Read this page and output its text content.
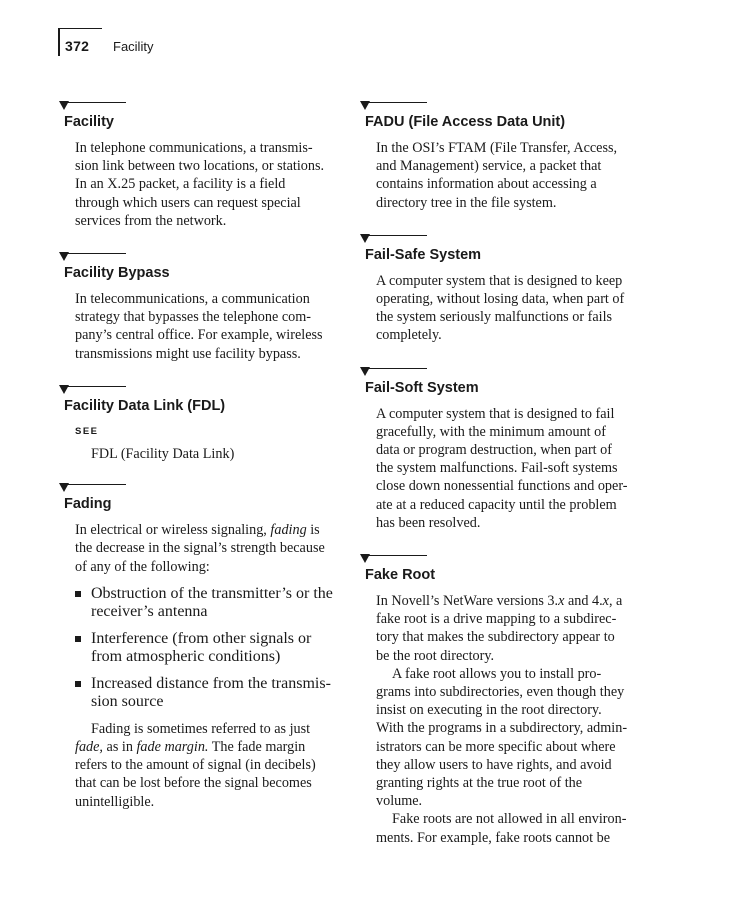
372 Facility
Facility
In telephone communications, a transmis-
sion link between two locations, or stations.
In an X.25 packet, a facility is a field
through which users can request special
services from the network.
Facility Bypass
In telecommunications, a communication
strategy that bypasses the telephone com-
pany’s central office. For example, wireless
transmissions might use facility bypass.
Facility Data Link (FDL)
SEE
FDL (Facility Data Link)
Fading
In electrical or wireless signaling, fading is
the decrease in the signal’s strength because
of any of the following:
Obstruction of the transmitter’s or the
receiver’s antenna
Interference (from other signals or
from atmospheric conditions)
Increased distance from the transmis-
sion source
Fading is sometimes referred to as just
fade, as in fade margin. The fade margin
refers to the amount of signal (in decibels)
that can be lost before the signal becomes
unintelligible.
FADU (File Access Data Unit)
In the OSI’s FTAM (File Transfer, Access,
and Management) service, a packet that
contains information about accessing a
directory tree in the file system.
Fail-Safe System
A computer system that is designed to keep
operating, without losing data, when part of
the system seriously malfunctions or fails
completely.
Fail-Soft System
A computer system that is designed to fail
gracefully, with the minimum amount of
data or program destruction, when part of
the system malfunctions. Fail-soft systems
close down nonessential functions and oper-
ate at a reduced capacity until the problem
has been resolved.
Fake Root
In Novell’s NetWare versions 3.x and 4.x, a
fake root is a drive mapping to a subdirec-
tory that makes the subdirectory appear to
be the root directory.
A fake root allows you to install pro-
grams into subdirectories, even though they
insist on executing in the root directory.
With the programs in a subdirectory, admin-
istrators can be more specific about where
they allow users to have rights, and avoid
granting rights at the true root of the
volume.
Fake roots are not allowed in all environ-
ments. For example, fake roots cannot be
